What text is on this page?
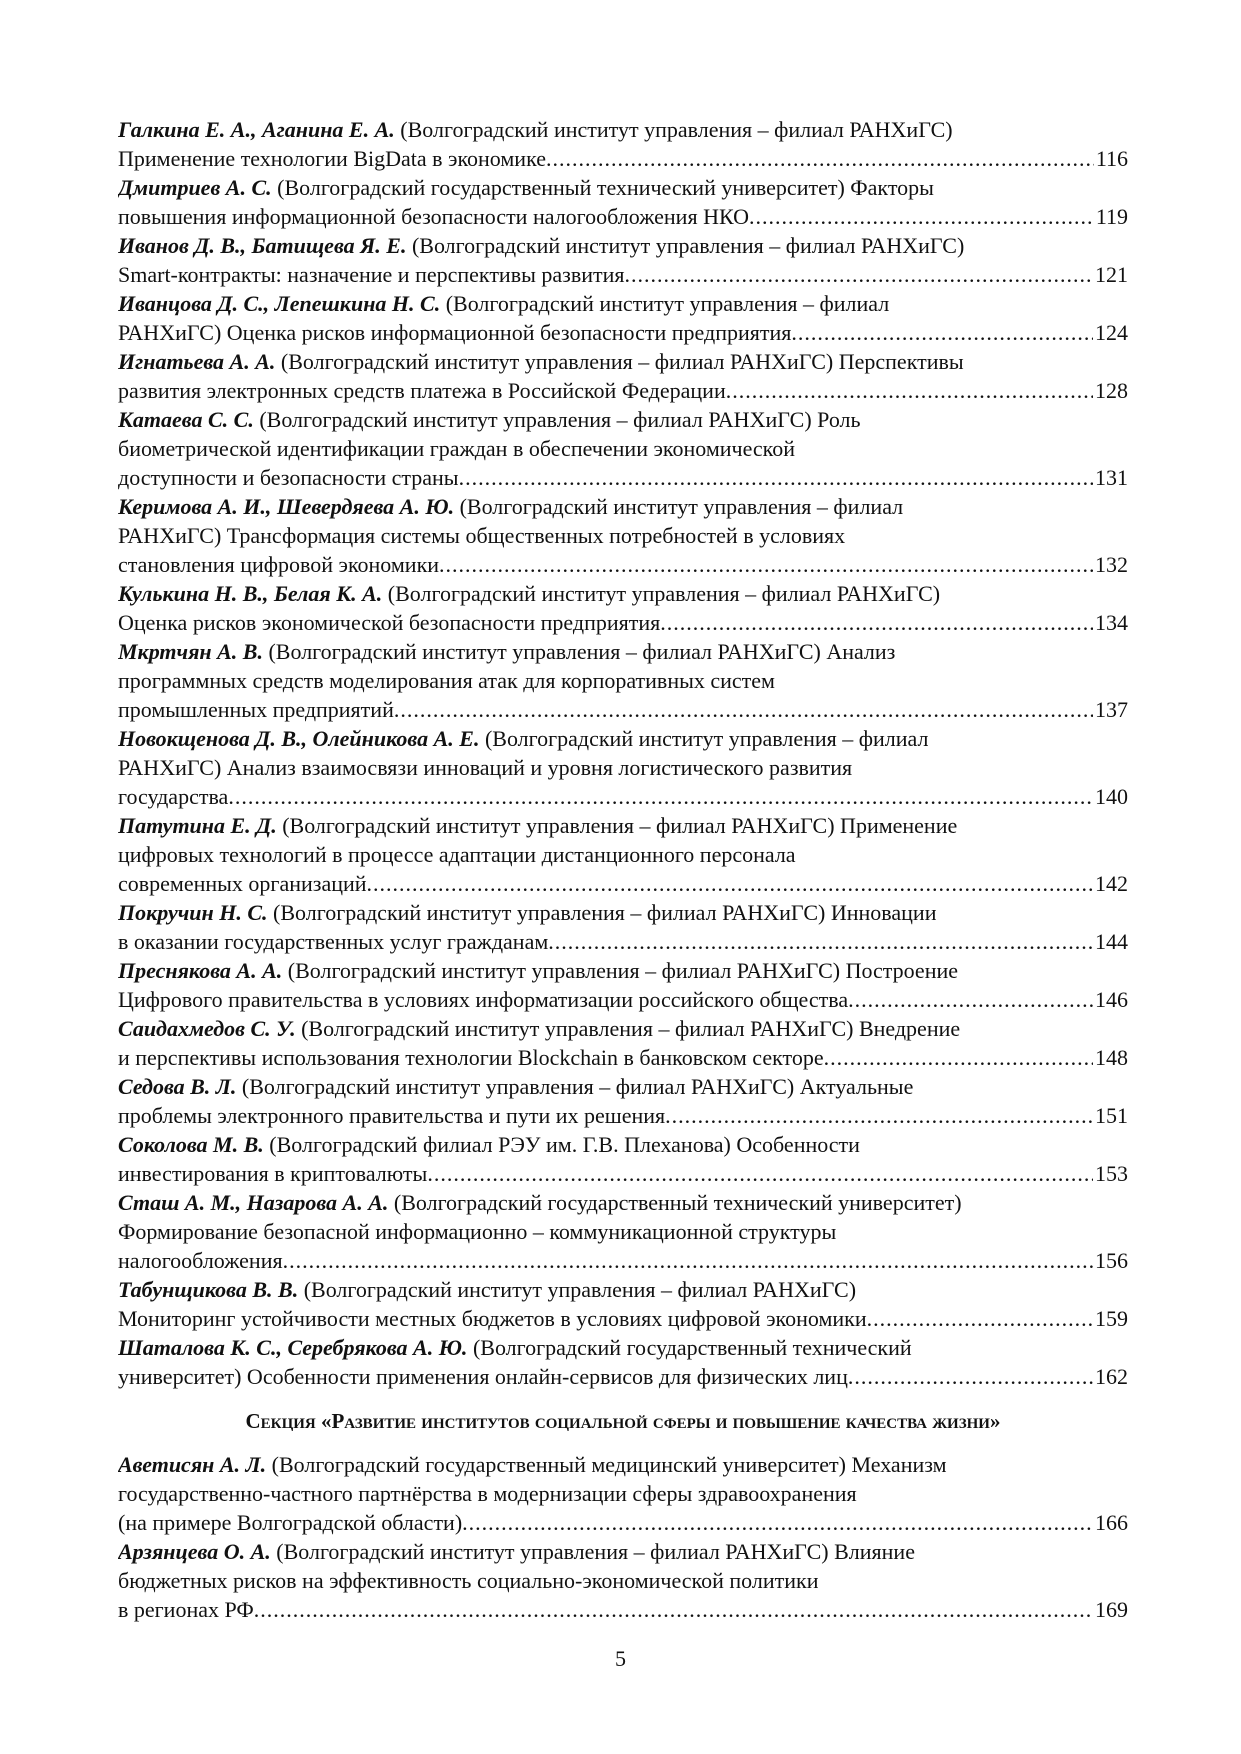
Галкина Е. А., Аганина Е. А. (Волгоградский институт управления – филиал РАНХиГС)
Применение технологии BigData в экономике .....	116
Дмитриев А. С. (Волгоградский государственный технический университет) Факторы
повышения информационной безопасности налогообложения НКО .....	119
Иванов Д. В., Батищева Я. Е. (Волгоградский институт управления – филиал РАНХиГС)
Smart-контракты: назначение и перспективы развития .....	121
Иванцова Д. С., Лепешкина Н. С. (Волгоградский институт управления – филиал
РАНХиГС) Оценка рисков информационной безопасности предприятия .....	124
Игнатьева А. А. (Волгоградский институт управления – филиал РАНХиГС) Перспективы
развития электронных средств платежа в Российской Федерации .....	128
Катаева С. С. (Волгоградский институт управления – филиал РАНХиГС) Роль
биометрической идентификации граждан в обеспечении экономической
доступности и безопасности страны .....	131
Керимова А. И., Шевердяева А. Ю. (Волгоградский институт управления – филиал
РАНХиГС) Трансформация системы общественных потребностей в условиях
становления цифровой экономики .....	132
Кулькина Н. В., Белая К. А. (Волгоградский институт управления – филиал РАНХиГС)
Оценка рисков экономической безопасности предприятия .....	134
Мкртчян А. В. (Волгоградский институт управления – филиал РАНХиГС) Анализ
программных средств моделирования атак для корпоративных систем
промышленных предприятий .....	137
Новокщенова Д. В., Олейникова А. Е. (Волгоградский институт управления – филиал
РАНХиГС) Анализ взаимосвязи инноваций и уровня логистического развития
государства .....	140
Патутина Е. Д. (Волгоградский институт управления – филиал РАНХиГС) Применение
цифровых технологий в процессе адаптации дистанционного персонала
современных организаций .....	142
Покручин Н. С. (Волгоградский институт управления – филиал РАНХиГС) Инновации
в оказании государственных услуг гражданам .....	144
Преснякова А. А. (Волгоградский институт управления – филиал РАНХиГС) Построение
Цифрового правительства в условиях информатизации российского общества .....	146
Саидахмедов С. У. (Волгоградский институт управления – филиал РАНХиГС) Внедрение
и перспективы использования технологии Blockchain в банковском секторе .....	148
Седова В. Л. (Волгоградский институт управления – филиал РАНХиГС) Актуальные
проблемы электронного правительства и пути их решения .....	151
Соколова М. В. (Волгоградский филиал РЭУ им. Г.В. Плеханова) Особенности
инвестирования в криптовалюты .....	153
Сташ А. М., Назарова А. А. (Волгоградский государственный технический университет)
Формирование безопасной информационно – коммуникационной структуры
налогообложения .....	156
Табунщикова В. В. (Волгоградский институт управления – филиал РАНХиГС)
Мониторинг устойчивости местных бюджетов в условиях цифровой экономики .....	159
Шаталова К. С., Серебрякова А. Ю. (Волгоградский государственный технический
университет) Особенности применения онлайн-сервисов для физических лиц .....	162
Секция «Развитие институтов социальной сферы и повышение качества жизни»
Аветисян А. Л. (Волгоградский государственный медицинский университет) Механизм
государственно-частного партнёрства в модернизации сферы здравоохранения
(на примере Волгоградской области) .....	166
Арзянцева О. А. (Волгоградский институт управления – филиал РАНХиГС) Влияние
бюджетных рисков на эффективность социально-экономической политики
в регионах РФ .....	169
5
